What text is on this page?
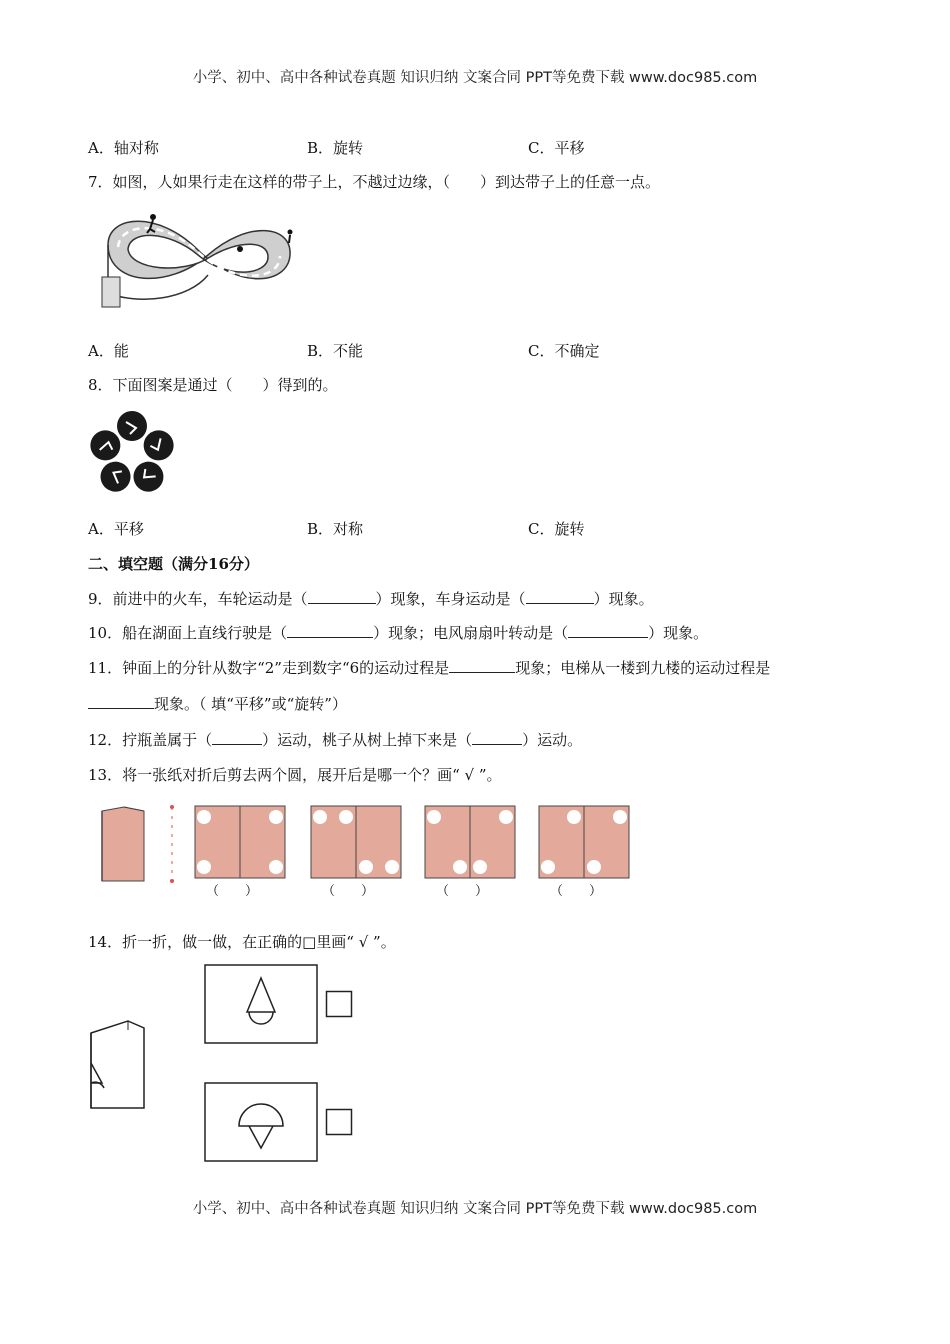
小学、初中、高中各种试卷真题 知识归纳 文案合同 PPT等免费下载 www.doc985.com
A．轴对称	B．旋转	C．平移
7．如图，人如果行走在这样的带子上，不越过边缘，（　　）到达带子上的任意一点。
A．能	B．不能	C．不确定
8．下面图案是通过（　　）得到的。
A．平移	B．对称	C．旋转
二、填空题（满分16分）
9．前进中的火车，车轮运动是（	）现象，车身运动是（	）现象。
10．船在湖面上直线行驶是（	）现象；电风扇扇叶转动是（	）现象。
11．钟面上的分针从数字“2”走到数字“6的运动过程是	现象；电梯从一楼到九楼的运动过程是
现象。（ 填“平移”或“旋转”）
12．拧瓶盖属于（	）运动，桃子从树上掉下来是（	）运动。
13．将一张纸对折后剪去两个圆，展开后是哪一个？画“ √ ”。
（　　）	（　　）	（　　）	（　　）
14．折一折，做一做，在正确的□里画“ √ ”。
小学、初中、高中各种试卷真题 知识归纳 文案合同 PPT等免费下载 www.doc985.com
